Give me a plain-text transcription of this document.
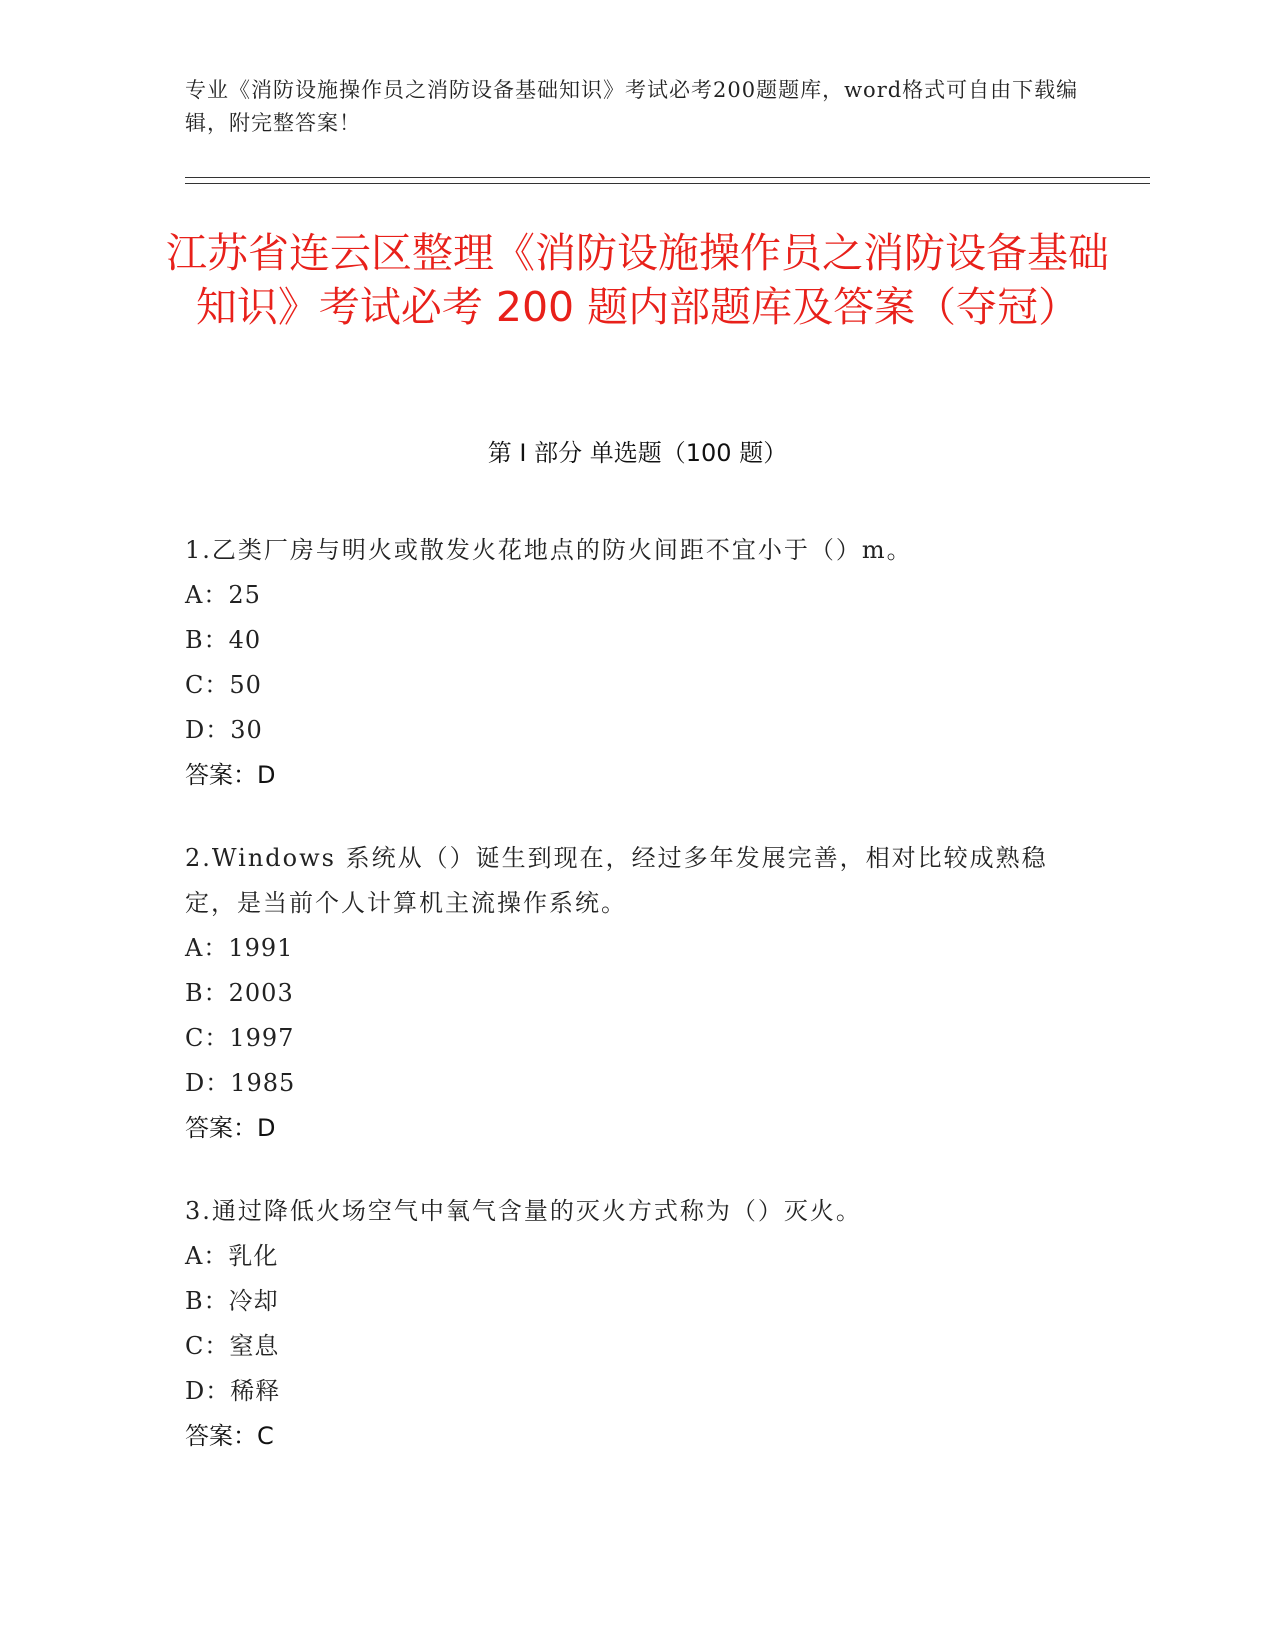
专业《消防设施操作员之消防设备基础知识》考试必考200题题库，word格式可自由下载编辑，附完整答案！
江苏省连云区整理《消防设施操作员之消防设备基础知识》考试必考 200 题内部题库及答案（夺冠）
第 I 部分 单选题（100 题）
1.乙类厂房与明火或散发火花地点的防火间距不宜小于（）m。
A：25
B：40
C：50
D：30
答案：D
2.Windows 系统从（）诞生到现在，经过多年发展完善，相对比较成熟稳定，是当前个人计算机主流操作系统。
A：1991
B：2003
C：1997
D：1985
答案：D
3.通过降低火场空气中氧气含量的灭火方式称为（）灭火。
A：乳化
B：冷却
C：窒息
D：稀释
答案：C
